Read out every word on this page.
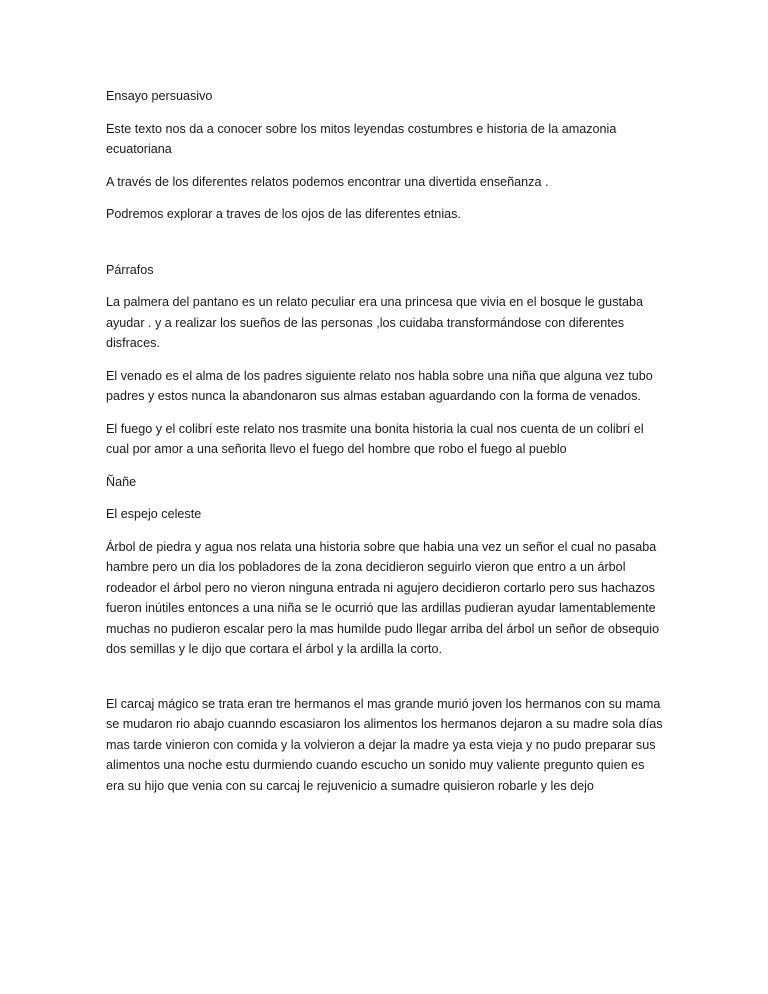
Ensayo persuasivo

Este texto nos da a conocer sobre los mitos leyendas costumbres e historia de la amazonia ecuatoriana

A través de los diferentes relatos podemos encontrar una divertida enseñanza .

Podremos explorar a traves de los ojos de las diferentes etnias.

Párrafos

La palmera del pantano es un relato peculiar era una princesa que vivia en el bosque le gustaba ayudar . y a realizar los sueños de las personas ,los cuidaba transformándose con diferentes disfraces.

El venado es el alma de los padres siguiente relato nos habla sobre una niña que alguna vez tubo padres y estos nunca la abandonaron sus almas estaban aguardando con la forma de venados.

El fuego y el colibrí este relato nos trasmite una bonita historia la cual nos cuenta de un colibrí el cual por amor a una señorita llevo el fuego del hombre que robo el fuego al pueblo

Ñañe

El espejo celeste

Árbol de piedra y agua nos relata una historia sobre que habia una vez un señor el cual no pasaba hambre pero un dia los pobladores de la zona decidieron seguirlo vieron que entro a un árbol rodeador el árbol pero no vieron ninguna entrada ni agujero decidieron cortarlo pero sus hachazos fueron inútiles entonces a una niña se le ocurrió que las ardillas pudieran ayudar lamentablemente muchas no pudieron escalar pero la mas humilde pudo llegar arriba del árbol un señor de obsequio dos semillas y le dijo que cortara el árbol y la ardilla la corto.

El carcaj mágico se trata eran tre hermanos el mas grande murió joven los hermanos con su mama se mudaron rio abajo cuanndo escasiaron los alimentos los hermanos dejaron a su madre sola días mas tarde vinieron con comida y la volvieron a dejar la madre ya esta vieja y no pudo preparar sus alimentos una noche estu durmiendo cuando escucho un sonido muy valiente pregunto quien es era su hijo que venia con su carcaj le rejuvenicio a sumadre quisieron robarle y les dejo
